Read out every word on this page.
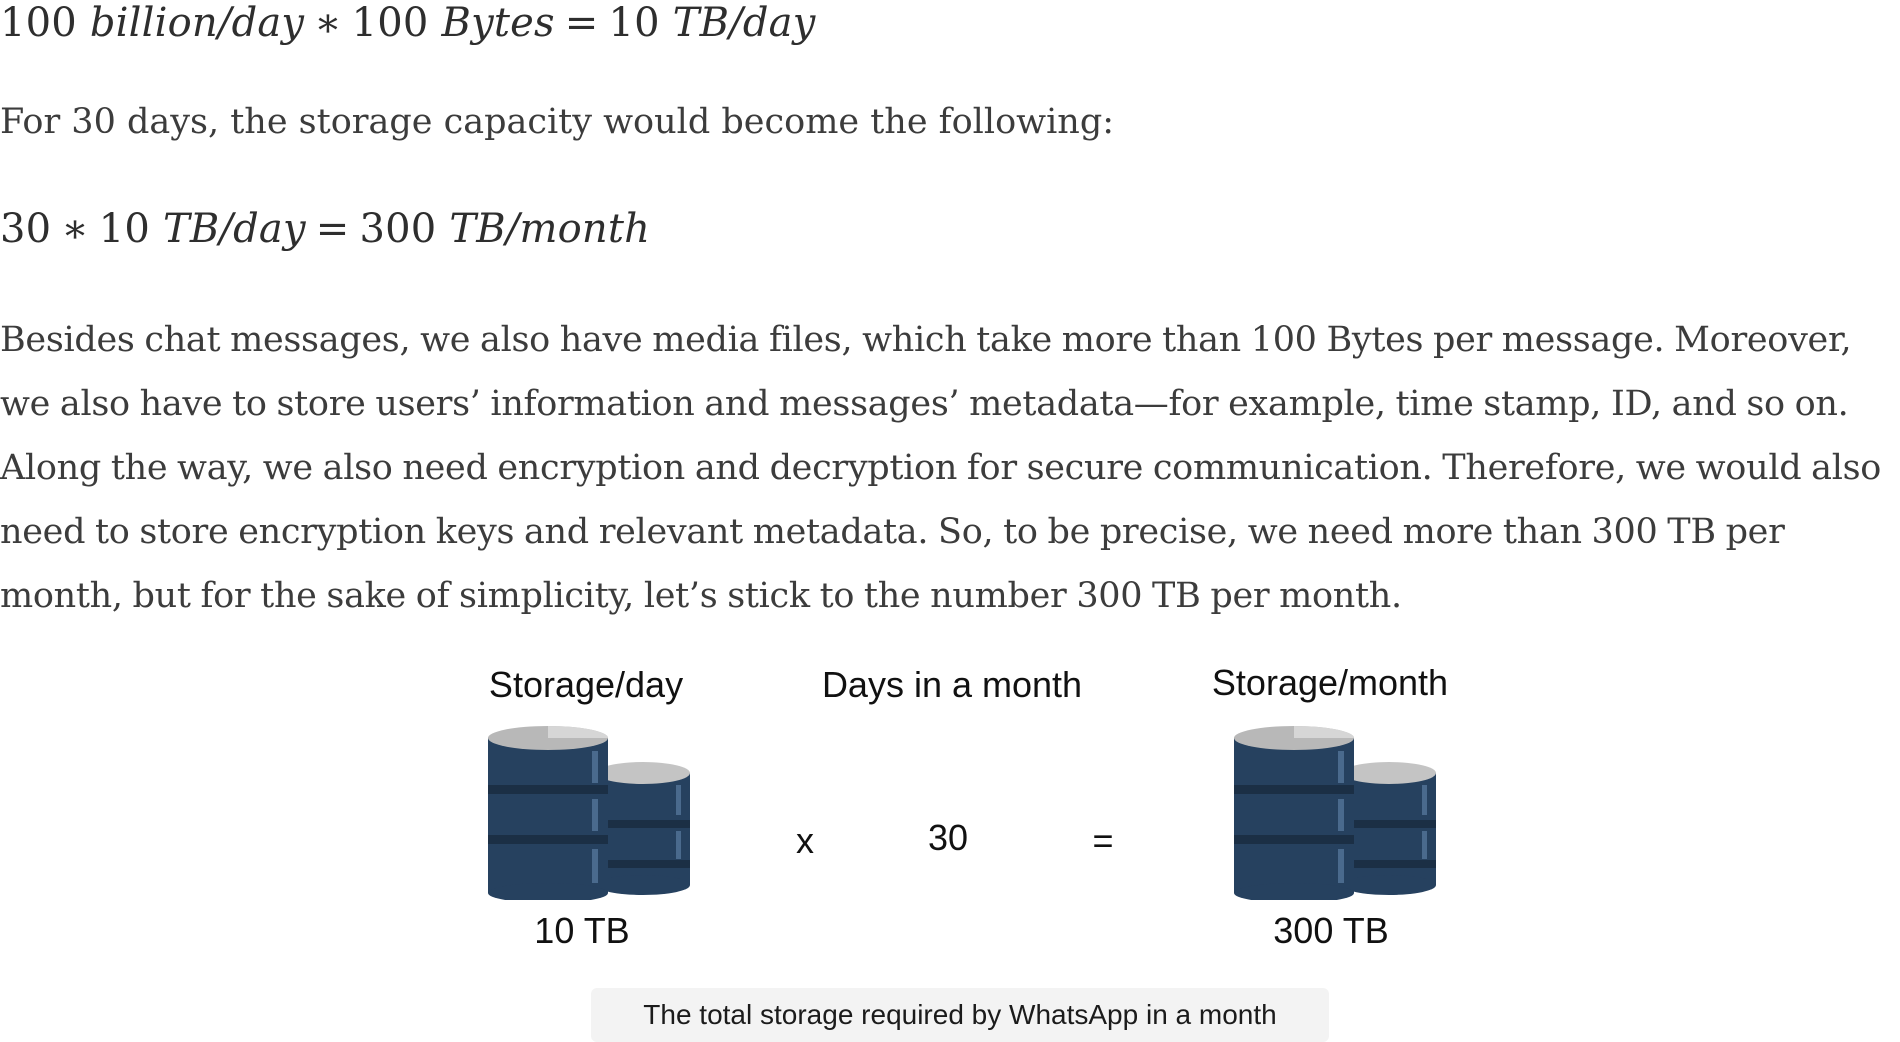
100 billion/day ∗ 100 Bytes = 10 TB/day

For 30 days, the storage capacity would become the following:

30 ∗ 10 TB/day = 300 TB/month

Besides chat messages, we also have media files, which take more than 100 Bytes per message. Moreover, we also have to store users’ information and messages’ metadata—for example, time stamp, ID, and so on. Along the way, we also need encryption and decryption for secure communication. Therefore, we would also need to store encryption keys and relevant metadata. So, to be precise, we need more than 300 TB per month, but for the sake of simplicity, let’s stick to the number 300 TB per month.

Storage/day	Days in a month	Storage/month
x	30	=
10 TB	300 TB
The total storage required by WhatsApp in a month
